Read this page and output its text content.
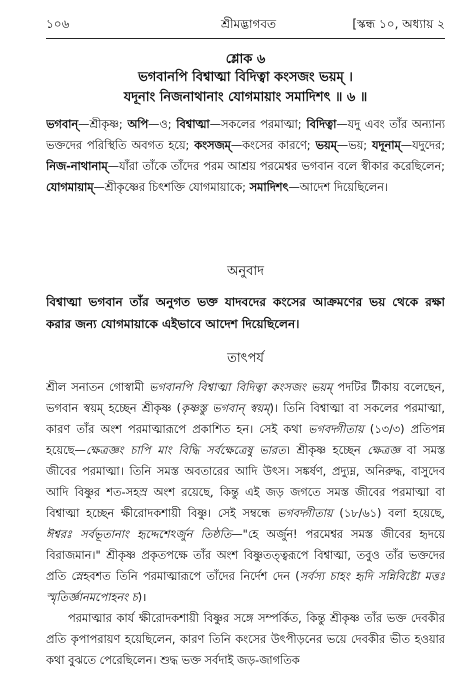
১০৬	শ্রীমদ্ভাগবত	[স্কন্ধ ১০, অধ্যায় ২
শ্লোক ৬
ভগবানপি বিশ্বাত্মা বিদিত্বা কংসজং ভয়ম্ ।
যদূনাং নিজনাথানাং যোগমায়াং সমাদিশৎ ॥ ৬ ॥
ভগবান্—শ্রীকৃষ্ণ; অপি—ও; বিশ্বাত্মা—সকলের পরমাত্মা; বিদিত্বা—যদু এবং তাঁর অন্যান্য ভক্তদের পরিস্থিতি অবগত হয়ে; কংসজম্—কংসের কারণে; ভয়ম্—ভয়; যদূনাম্—যদুদের; নিজ-নাথানাম্—যাঁরা তাঁকে তাঁদের পরম আশ্রয় পরমেশ্বর ভগবান বলে স্বীকার করেছিলেন; যোগমায়াম্—শ্রীকৃষ্ণের চিৎশক্তি যোগমায়াকে; সমাদিশৎ—আদেশ দিয়েছিলেন।
অনুবাদ
বিশ্বাত্মা ভগবান তাঁর অনুগত ভক্ত যাদবদের কংসের আক্রমণের ভয় থেকে রক্ষা করার জন্য যোগমায়াকে এইভাবে আদেশ দিয়েছিলেন।
তাৎপর্য

শ্রীল সনাতন গোস্বামী ভগবানপি বিশ্বাত্মা বিদিত্বা কংসজং ভয়ম্ পদটির টীকায় বলেছেন, ভগবান স্বয়ম্ হচ্ছেন শ্রীকৃষ্ণ (কৃষ্ণস্তু ভগবান্ স্বয়ম্)। তিনি বিশ্বাত্মা বা সকলের পরমাত্মা, কারণ তাঁর অংশ পরমাত্মারূপে প্রকাশিত হন। সেই কথা ভগবদ্গীতায় (১৩/৩) প্রতিপন্ন হয়েছে—ক্ষেত্রজ্ঞং চাপি মাং বিদ্ধি সর্বক্ষেত্রেষু ভারত। শ্রীকৃষ্ণ হচ্ছেন ক্ষেত্রজ্ঞ বা সমস্ত জীবের পরমাত্মা। তিনি সমস্ত অবতারের আদি উৎস। সঙ্কর্ষণ, প্রদ্যুম্ন, অনিরুদ্ধ, বাসুদেব আদি বিষ্ণুর শত-সহস্র অংশ রয়েছে, কিন্তু এই জড় জগতে সমস্ত জীবের পরমাত্মা বা বিশ্বাত্মা হচ্ছেন ক্ষীরোদকশায়ী বিষ্ণু। সেই সম্বন্ধে ভগবদ্গীতায় (১৮/৬১) বলা হয়েছে, ঈশ্বরঃ সর্বভূতানাং হৃদ্দেশেঽর্জুন তিষ্ঠতি—"হে অর্জুন! পরমেশ্বর সমস্ত জীবের হৃদয়ে বিরাজমান।" শ্রীকৃষ্ণ প্রকৃতপক্ষে তাঁর অংশ বিষ্ণুতত্ত্বরূপে বিশ্বাত্মা, তবুও তাঁর ভক্তদের প্রতি স্নেহবশত তিনি পরমাত্মারূপে তাঁদের নির্দেশ দেন (সর্বস্য চাহং হৃদি সন্নিবিষ্টো মত্তঃ স্মৃতির্জ্ঞানমপোহনং চ)।

পরমাত্মার কার্য ক্ষীরোদকশায়ী বিষ্ণুর সঙ্গে সম্পর্কিত, কিন্তু শ্রীকৃষ্ণ তাঁর ভক্ত দেবকীর প্রতি কৃপাপরায়ণ হয়েছিলেন, কারণ তিনি কংসের উৎপীড়নের ভয়ে দেবকীর ভীত হওয়ার কথা বুঝতে পেরেছিলেন। শুদ্ধ ভক্ত সর্বদাই জড়-জাগতিক
